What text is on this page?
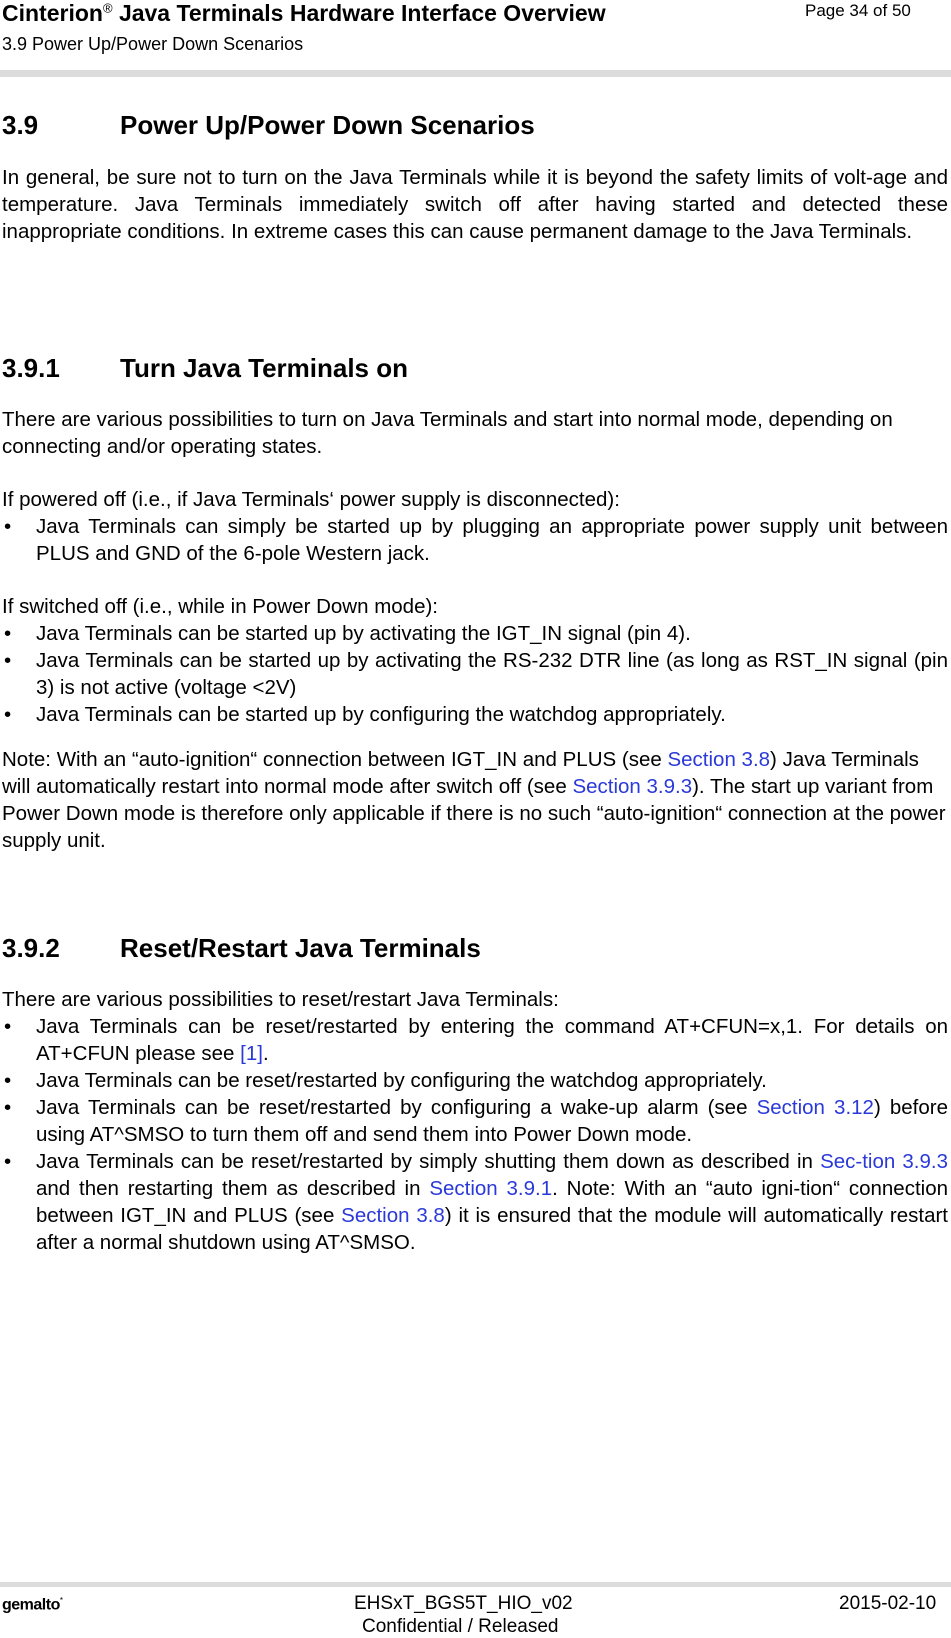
Cinterion® Java Terminals Hardware Interface Overview
3.9 Power Up/Power Down Scenarios
Page 34 of 50
3.9	Power Up/Power Down Scenarios
In general, be sure not to turn on the Java Terminals while it is beyond the safety limits of volt-age and temperature. Java Terminals immediately switch off after having started and detected these inappropriate conditions. In extreme cases this can cause permanent damage to the Java Terminals.
3.9.1 Turn Java Terminals on
There are various possibilities to turn on Java Terminals and start into normal mode, depending on connecting and/or operating states.
If powered off (i.e., if Java Terminals‘ power supply is disconnected):
• Java Terminals can simply be started up by plugging an appropriate power supply unit between PLUS and GND of the 6-pole Western jack.
If switched off (i.e., while in Power Down mode):
• Java Terminals can be started up by activating the IGT_IN signal (pin 4).
• Java Terminals can be started up by activating the RS-232 DTR line (as long as RST_IN signal (pin 3) is not active (voltage <2V)
• Java Terminals can be started up by configuring the watchdog appropriately.
Note: With an “auto-ignition“ connection between IGT_IN and PLUS (see Section 3.8) Java Terminals will automatically restart into normal mode after switch off (see Section 3.9.3). The start up variant from Power Down mode is therefore only applicable if there is no such “auto-ignition“ connection at the power supply unit.
3.9.2 Reset/Restart Java Terminals
There are various possibilities to reset/restart Java Terminals:
• Java Terminals can be reset/restarted by entering the command AT+CFUN=x,1. For details on AT+CFUN please see [1].
• Java Terminals can be reset/restarted by configuring the watchdog appropriately.
• Java Terminals can be reset/restarted by configuring a wake-up alarm (see Section 3.12) before using AT^SMSO to turn them off and send them into Power Down mode.
• Java Terminals can be reset/restarted by simply shutting them down as described in Sec-tion 3.9.3 and then restarting them as described in Section 3.9.1. Note: With an “auto igni-tion“ connection between IGT_IN and PLUS (see Section 3.8) it is ensured that the module will automatically restart after a normal shutdown using AT^SMSO.
gemalto*	EHSxT_BGS5T_HIO_v02
Confidential / Released
2015-02-10
